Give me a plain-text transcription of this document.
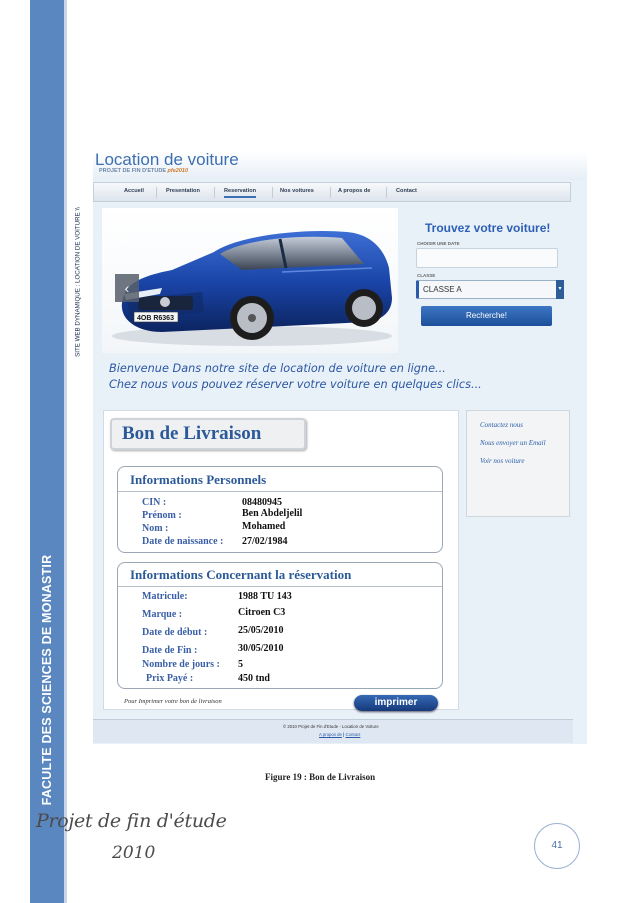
FACULTE DES SCIENCES DE MONASTIR
SITE WEB DYNAMIQUE : LOCATION DE VOITURE \\
Location de voiture
PROJET DE FIN D'ETUDE pfe2010
Accueil	Presentation	Reservation	Nos voitures	A propos de	Contact
4OB R6363
‹
Trouvez votre voiture!
CHOISIR UNE DATE
CLASSE
CLASSE A	▾
Recherche!
Bienvenue Dans notre site de location de voiture en ligne...
Chez nous vous pouvez réserver votre voiture en quelques clics...
Bon de Livraison
Informations Personnels
CIN :	08480945
Prénom :	Ben Abdeljelil
Nom :	Mohamed
Date de naissance : 27/02/1984
Informations Concernant la réservation
Matricule:	1988 TU 143
Marque :	Citroen C3
Date de début :	25/05/2010
Date de Fin :	30/05/2010
Nombre de jours : 5
Prix Payé :	450 tnd
Pour Imprimer votre bon de livraison	imprimer
Contactez nous
Nous envoyer un Email
Voir nos voiture
© 2010 Projet de Fin d'Etude - Location de Voiture
A propos de | Contact
Figure 19 : Bon de Livraison
Projet de fin d'étude
2010	41
